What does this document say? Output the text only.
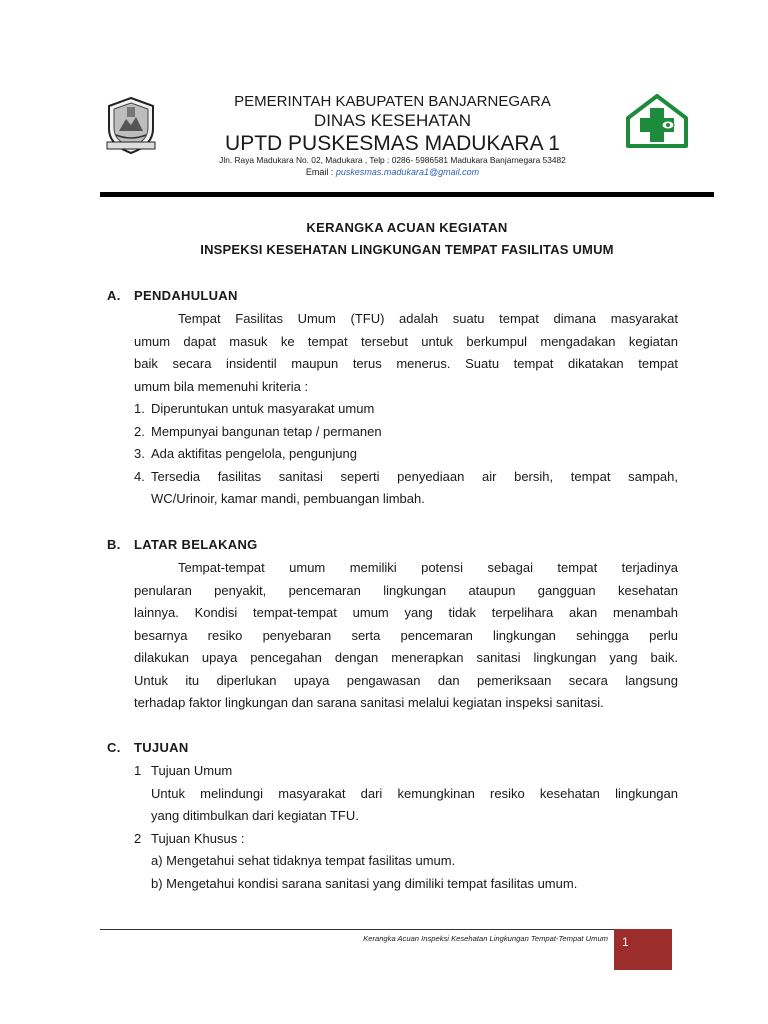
PEMERINTAH KABUPATEN BANJARNEGARA
DINAS KESEHATAN
UPTD PUSKESMAS MADUKARA 1
Jln. Raya Madukara No. 02, Madukara , Telp : 0286- 5986581 Madukara Banjarnegara 53482
Email : puskesmas.madukara1@gmail.com
KERANGKA ACUAN KEGIATAN
INSPEKSI KESEHATAN LINGKUNGAN TEMPAT FASILITAS UMUM
A. PENDAHULUAN
Tempat Fasilitas Umum (TFU) adalah suatu tempat dimana masyarakat
umum dapat masuk ke tempat tersebut untuk berkumpul mengadakan kegiatan
baik secara insidentil maupun terus menerus. Suatu tempat dikatakan tempat
umum bila memenuhi kriteria :
1. Diperuntukan untuk masyarakat umum
2. Mempunyai bangunan tetap / permanen
3. Ada aktifitas pengelola, pengunjung
4. Tersedia fasilitas sanitasi seperti penyediaan air bersih, tempat sampah,
WC/Urinoir, kamar mandi, pembuangan limbah.
B. LATAR BELAKANG
Tempat-tempat umum memiliki potensi sebagai tempat terjadinya
penularan penyakit, pencemaran lingkungan ataupun gangguan kesehatan
lainnya. Kondisi tempat-tempat umum yang tidak terpelihara akan menambah
besarnya resiko penyebaran serta pencemaran lingkungan sehingga perlu
dilakukan upaya pencegahan dengan menerapkan sanitasi lingkungan yang baik.
Untuk itu diperlukan upaya pengawasan dan pemeriksaan secara langsung
terhadap faktor lingkungan dan sarana sanitasi melalui kegiatan inspeksi sanitasi.
C. TUJUAN
1 Tujuan Umum
Untuk melindungi masyarakat dari kemungkinan resiko kesehatan lingkungan
yang ditimbulkan dari kegiatan TFU.
2 Tujuan Khusus :
a) Mengetahui sehat tidaknya tempat fasilitas umum.
b) Mengetahui kondisi sarana sanitasi yang dimiliki tempat fasilitas umum.
Kerangka Acuan Inspeksi Kesehatan Lingkungan Tempat-Tempat Umum 1
